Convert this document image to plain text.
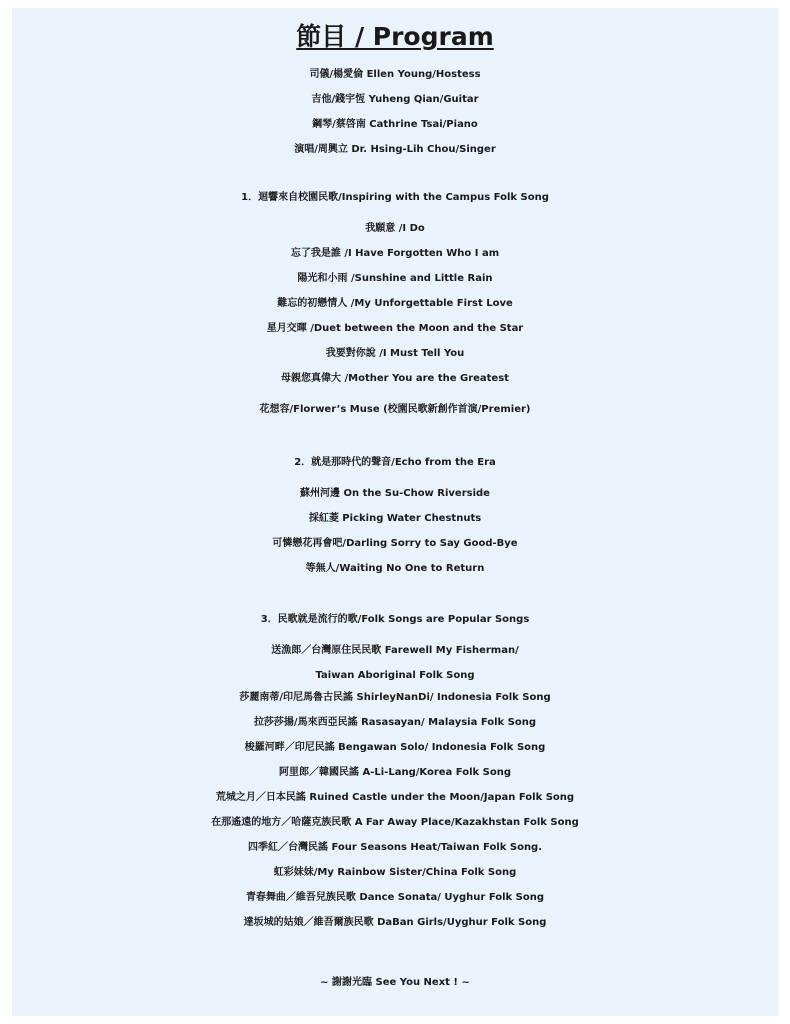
節目 / Program
司儀/楊愛倫 Ellen Young/Hostess
吉他/錢宇恆 Yuheng Qian/Guitar
鋼琴/蔡啓南 Cathrine Tsai/Piano
演唱/周興立 Dr. Hsing-Lih Chou/Singer
1．迴響來自校園民歌/Inspiring with the Campus Folk Song
我願意 /I Do
忘了我是誰 /I Have Forgotten Who I am
陽光和小雨 /Sunshine and Little Rain
難忘的初戀情人 /My Unforgettable First Love
星月交暉 /Duet between the Moon and the Star
我要對你說 /I Must Tell You
母親您真偉大 /Mother You are the Greatest
花想容/Florwer’s Muse (校園民歌新創作首演/Premier)
2．就是那時代的聲音/Echo from the Era
蘇州河邊 On the Su-Chow Riverside
採紅菱 Picking Water Chestnuts
可憐戀花再會吧/Darling Sorry to Say Good-Bye
等無人/Waiting No One to Return
3．民歌就是流行的歌/Folk Songs are Popular Songs
送漁郎／台灣原住民民歌 Farewell My Fisherman/
Taiwan Aboriginal Folk Song
莎麗南蒂/印尼馬魯古民謠 ShirleyNanDi/ Indonesia Folk Song
拉莎莎揚/馬來西亞民謠 Rasasayan/ Malaysia Folk Song
梭羅河畔／印尼民謠 Bengawan Solo/ Indonesia Folk Song
阿里郎／韓國民謠 A-Li-Lang/Korea Folk Song
荒城之月／日本民謠 Ruined Castle under the Moon/Japan Folk Song
在那遙遠的地方／哈薩克族民歌 A Far Away Place/Kazakhstan Folk Song
四季紅／台灣民謠 Four Seasons Heat/Taiwan Folk Song.
虹彩妹妹/My Rainbow Sister/China Folk Song
青春舞曲／維吾兒族民歌 Dance Sonata/ Uyghur Folk Song
達坂城的姑娘／維吾爾族民歌 DaBan Girls/Uyghur Folk Song
~ 謝謝光臨 See You Next ! ~
